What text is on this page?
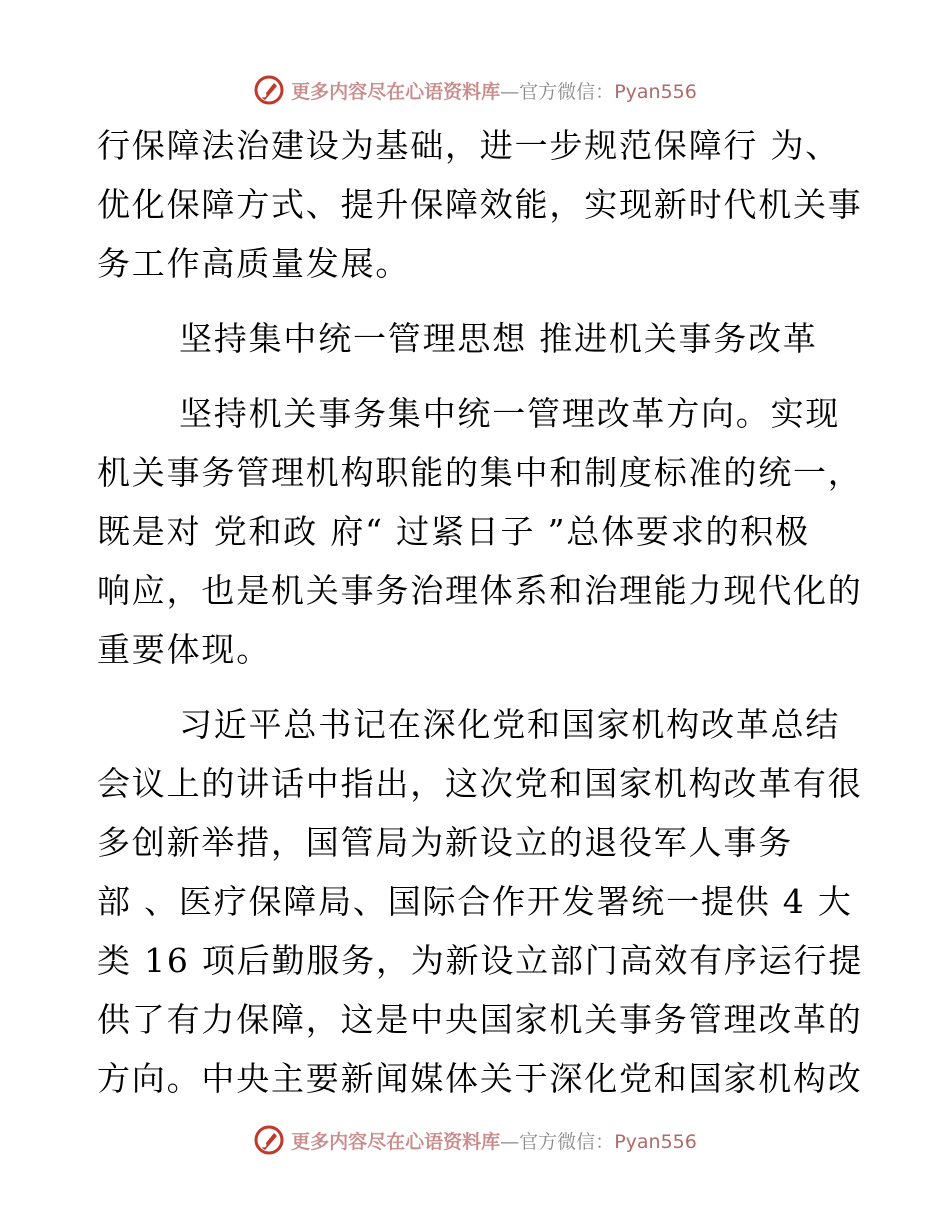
更多内容尽在心语资料库—官方微信：Pyan556
行保障法治建设为基础，进一步规范保障行 为、
优化保障方式、提升保障效能，实现新时代机关事
务工作高质量发展。
坚持集中统一管理思想 推进机关事务改革
坚持机关事务集中统一管理改革方向。实现
机关事务管理机构职能的集中和制度标准的统一，
既是对 党和政 府“ 过紧日子 ”总体要求的积极
响应，也是机关事务治理体系和治理能力现代化的
重要体现。
习近平总书记在深化党和国家机构改革总结
会议上的讲话中指出，这次党和国家机构改革有很
多创新举措，国管局为新设立的退役军人事务
部 、医疗保障局、国际合作开发署统一提供 4 大
类 16 项后勤服务，为新设立部门高效有序运行提
供了有力保障，这是中央国家机关事务管理改革的
方向。中央主要新闻媒体关于深化党和国家机构改
更多内容尽在心语资料库—官方微信：Pyan556
